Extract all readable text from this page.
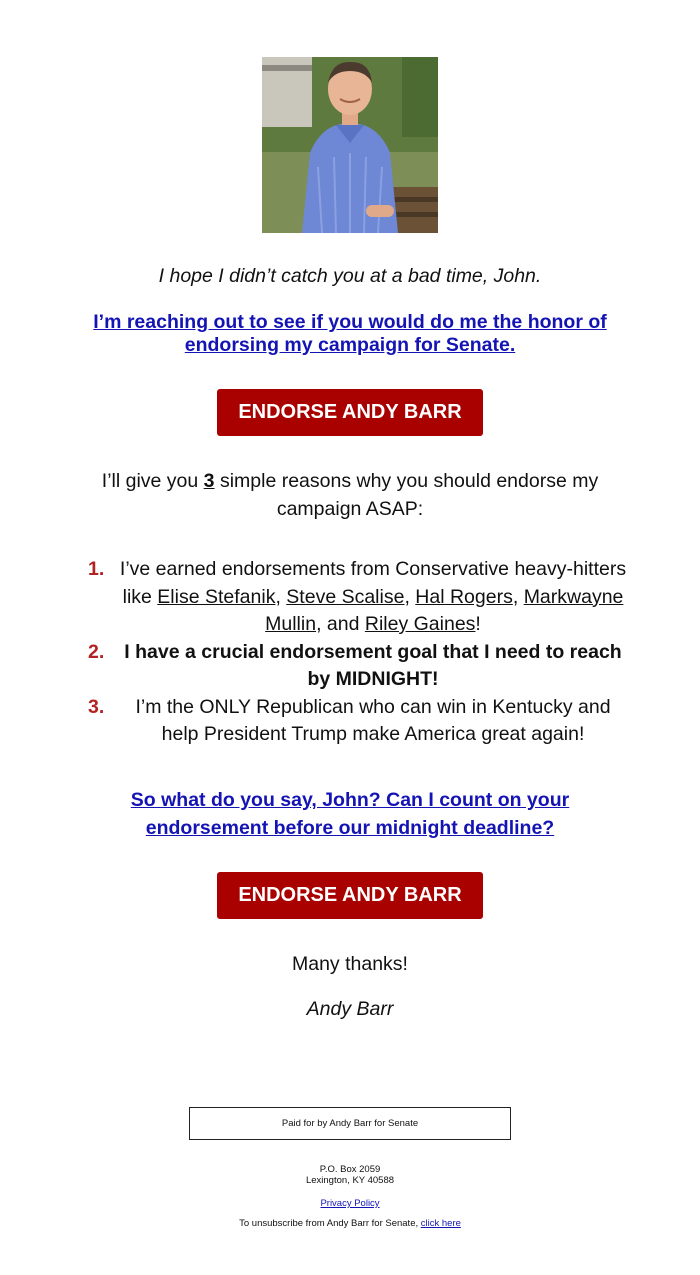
I hope I didn’t catch you at a bad time, John.

I’m reaching out to see if you would do me the honor of endorsing my campaign for Senate.

ENDORSE ANDY BARR

I’ll give you 3 simple reasons why you should endorse my campaign ASAP:

1. I’ve earned endorsements from Conservative heavy-hitters like Elise Stefanik, Steve Scalise, Hal Rogers, Markwayne Mullin, and Riley Gaines!
2.	I have a crucial endorsement goal that I need to reach by MIDNIGHT!
3.	I’m the ONLY Republican who can win in Kentucky and help President Trump make America great again!

So what do you say, John? Can I count on your endorsement before our midnight deadline?

ENDORSE ANDY BARR

Many thanks!

Andy Barr

Paid for by Andy Barr for Senate

P.O. Box 2059
Lexington, KY 40588

Privacy Policy

To unsubscribe from Andy Barr for Senate, click here
